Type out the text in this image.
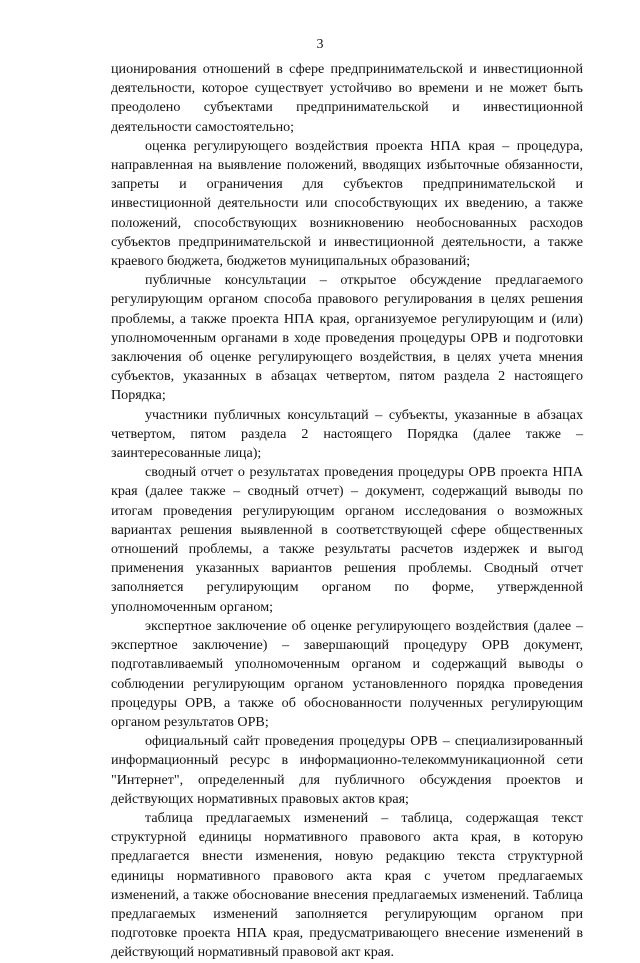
3

ционирования отношений в сфере предпринимательской и инвестиционной деятельности, которое существует устойчиво во времени и не может быть преодолено субъектами предпринимательской и инвестиционной деятельности самостоятельно;

оценка регулирующего воздействия проекта НПА края – процедура, направленная на выявление положений, вводящих избыточные обязанности, запреты и ограничения для субъектов предпринимательской и инвестиционной деятельности или способствующих их введению, а также положений, способствующих возникновению необоснованных расходов субъектов предпринимательской и инвестиционной деятельности, а также краевого бюджета, бюджетов муниципальных образований;

публичные консультации – открытое обсуждение предлагаемого регулирующим органом способа правового регулирования в целях решения проблемы, а также проекта НПА края, организуемое регулирующим и (или) уполномоченным органами в ходе проведения процедуры ОРВ и подготовки заключения об оценке регулирующего воздействия, в целях учета мнения субъектов, указанных в абзацах четвертом, пятом раздела 2 настоящего Порядка;

участники публичных консультаций – субъекты, указанные в абзацах четвертом, пятом раздела 2 настоящего Порядка (далее также – заинтересованные лица);

сводный отчет о результатах проведения процедуры ОРВ проекта НПА края (далее также – сводный отчет) – документ, содержащий выводы по итогам проведения регулирующим органом исследования о возможных вариантах решения выявленной в соответствующей сфере общественных отношений проблемы, а также результаты расчетов издержек и выгод применения указанных вариантов решения проблемы. Сводный отчет заполняется регулирующим органом по форме, утвержденной уполномоченным органом;

экспертное заключение об оценке регулирующего воздействия (далее – экспертное заключение) – завершающий процедуру ОРВ документ, подготавливаемый уполномоченным органом и содержащий выводы о соблюдении регулирующим органом установленного порядка проведения процедуры ОРВ, а также об обоснованности полученных регулирующим органом результатов ОРВ;

официальный сайт проведения процедуры ОРВ – специализированный информационный ресурс в информационно-телекоммуникационной сети "Интернет", определенный для публичного обсуждения проектов и действующих нормативных правовых актов края;

таблица предлагаемых изменений – таблица, содержащая текст структурной единицы нормативного правового акта края, в которую предлагается внести изменения, новую редакцию текста структурной единицы нормативного правового акта края с учетом предлагаемых изменений, а также обоснование внесения предлагаемых изменений. Таблица предлагаемых изменений заполняется регулирующим органом при подготовке проекта НПА края, предусматривающего внесение изменений в действующий нормативный правовой акт края.
